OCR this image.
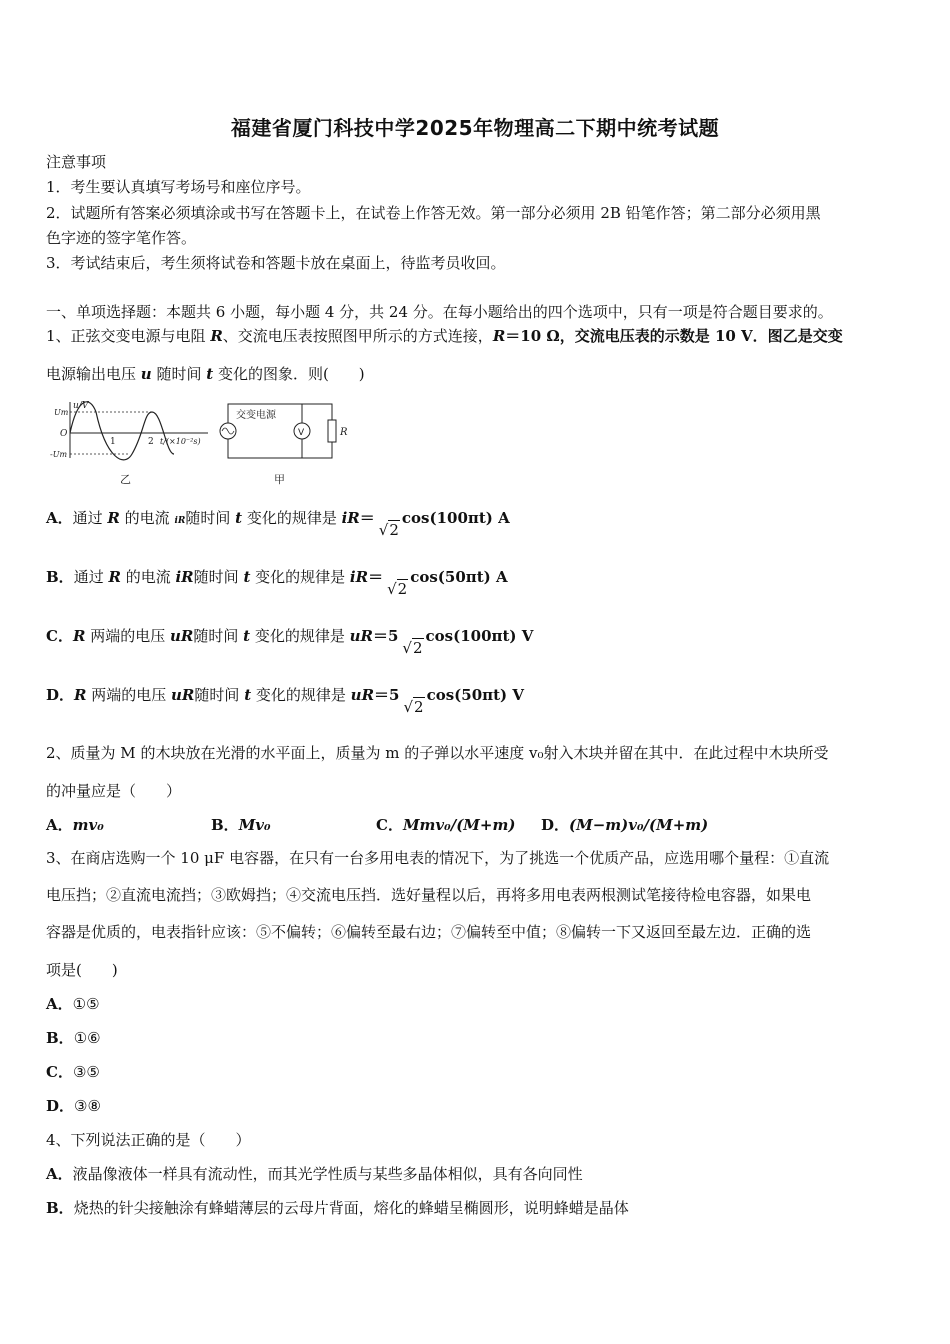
福建省厦门科技中学2025年物理高二下期中统考试题
注意事项
1．考生要认真填写考场号和座位序号。
2．试题所有答案必须填涂或书写在答题卡上，在试卷上作答无效。第一部分必须用 2B 铅笔作答；第二部分必须用黑
色字迹的签字笔作答。
3．考试结束后，考生须将试卷和答题卡放在桌面上，待监考员收回。
一、单项选择题：本题共 6 小题，每小题 4 分，共 24 分。在每小题给出的四个选项中，只有一项是符合题目要求的。
1、正弦交变电源与电阻 R、交流电压表按照图甲所示的方式连接，R＝10 Ω，交流电压表的示数是 10 V．图乙是交变
电源输出电压 u 随时间 t 变化的图象．则(　　)
u/V
Um
O
-Um
1	2 t/(×10⁻²s)
乙
V	R
交变电源
甲
A．通过 R 的电流 iR随时间 t 变化的规律是 iR＝√2cos(100πt) A
B．通过 R 的电流 iR随时间 t 变化的规律是 iR＝√2cos(50πt) A
C．R 两端的电压 uR随时间 t 变化的规律是 uR＝5√2cos(100πt) V
D．R 两端的电压 uR随时间 t 变化的规律是 uR＝5√2cos(50πt) V
2、质量为 M 的木块放在光滑的水平面上，质量为 m 的子弹以水平速度 v₀射入木块并留在其中．在此过程中木块所受
的冲量应是（　　）
A．mv₀	B．Mv₀	C．Mmv₀/(M+m) D．(M−m)v₀/(M+m)
3、在商店选购一个 10 μF 电容器，在只有一台多用电表的情况下，为了挑选一个优质产品，应选用哪个量程：①直流
电压挡；②直流电流挡；③欧姆挡；④交流电压挡．选好量程以后，再将多用电表两根测试笔接待检电容器，如果电
容器是优质的，电表指针应该：⑤不偏转；⑥偏转至最右边；⑦偏转至中值；⑧偏转一下又返回至最左边．正确的选
项是(　　)
A．①⑤
B．①⑥
C．③⑤
D．③⑧
4、下列说法正确的是（　　）
A．液晶像液体一样具有流动性，而其光学性质与某些多晶体相似，具有各向同性
B．烧热的针尖接触涂有蜂蜡薄层的云母片背面，熔化的蜂蜡呈椭圆形，说明蜂蜡是晶体
